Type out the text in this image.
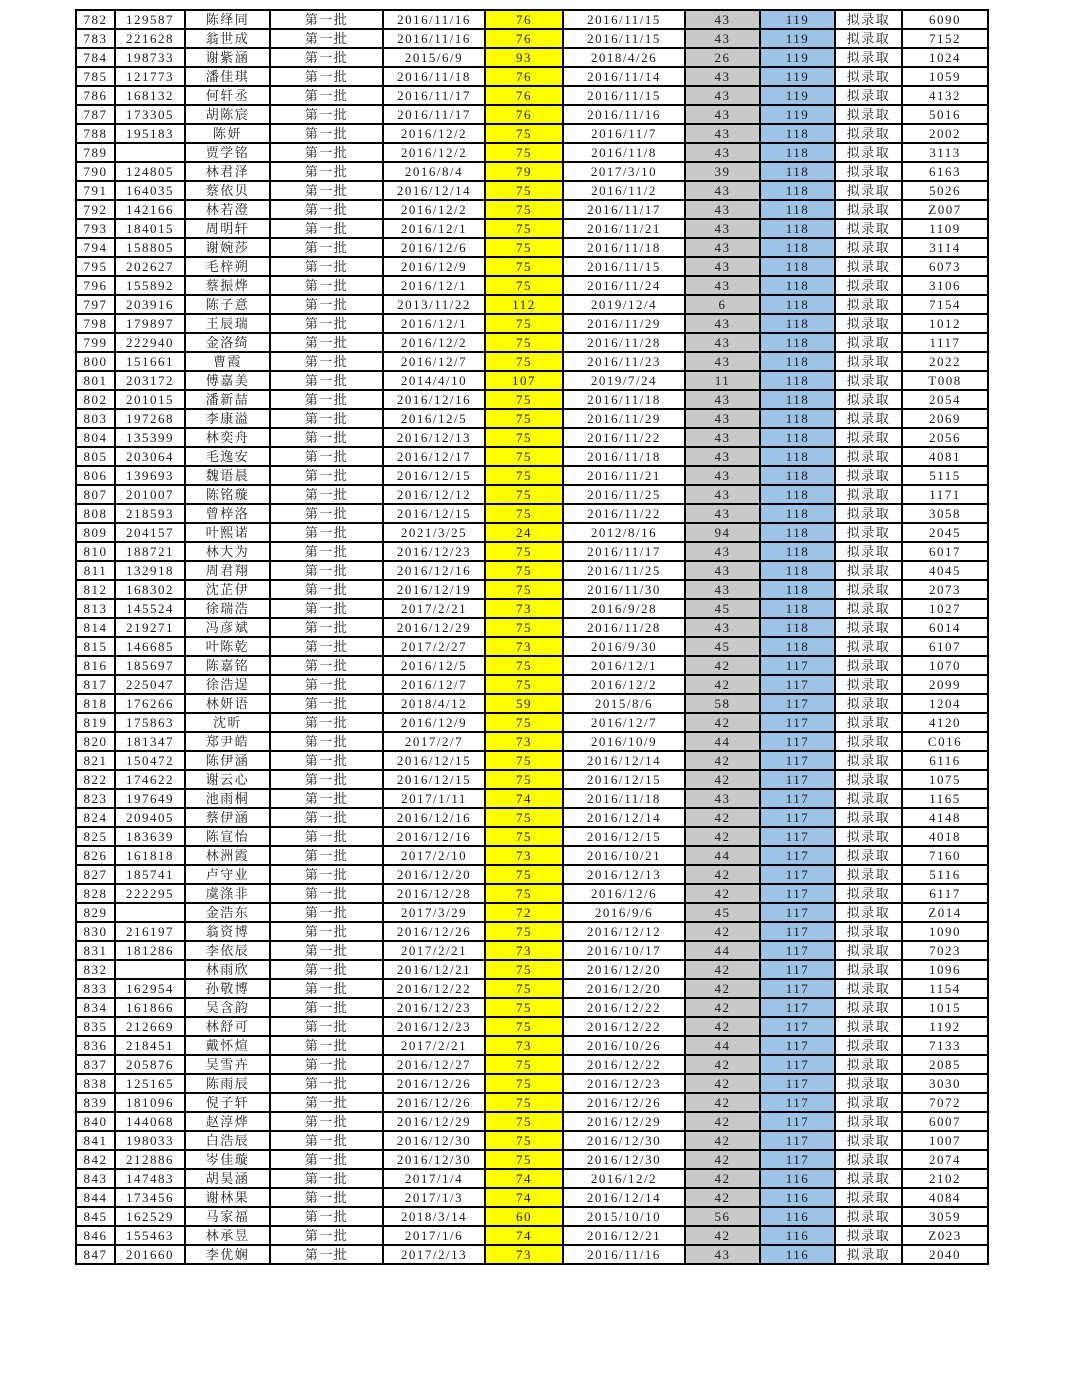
782	129587	陈绎同	第一批	2016/11/16	76	2016/11/15	43	119	拟录取	6090
783	221628	翁世成	第一批	2016/11/16	76	2016/11/15	43	119	拟录取	7152
784	198733	谢紫涵	第一批	2015/6/9	93	2018/4/26	26	119	拟录取	1024
785	121773	潘佳琪	第一批	2016/11/18	76	2016/11/14	43	119	拟录取	1059
786	168132	何轩丞	第一批	2016/11/17	76	2016/11/15	43	119	拟录取	4132
787	173305	胡陈宸	第一批	2016/11/17	76	2016/11/16	43	119	拟录取	5016
788	195183	陈妍	第一批	2016/12/2	75	2016/11/7	43	118	拟录取	2002
789		贾学铭	第一批	2016/12/2	75	2016/11/8	43	118	拟录取	3113
790	124805	林君泽	第一批	2016/8/4	79	2017/3/10	39	118	拟录取	6163
791	164035	蔡依贝	第一批	2016/12/14	75	2016/11/2	43	118	拟录取	5026
792	142166	林若澄	第一批	2016/12/2	75	2016/11/17	43	118	拟录取	Z007
793	184015	周明轩	第一批	2016/12/1	75	2016/11/21	43	118	拟录取	1109
794	158805	谢婉莎	第一批	2016/12/6	75	2016/11/18	43	118	拟录取	3114
795	202627	毛梓朔	第一批	2016/12/9	75	2016/11/15	43	118	拟录取	6073
796	155892	蔡振烨	第一批	2016/12/1	75	2016/11/24	43	118	拟录取	3106
797	203916	陈子意	第一批	2013/11/22	112	2019/12/4	6	118	拟录取	7154
798	179897	王辰瑞	第一批	2016/12/1	75	2016/11/29	43	118	拟录取	1012
799	222940	金洛绮	第一批	2016/12/2	75	2016/11/28	43	118	拟录取	1117
800	151661	曹霞	第一批	2016/12/7	75	2016/11/23	43	118	拟录取	2022
801	203172	傅嘉美	第一批	2014/4/10	107	2019/7/24	11	118	拟录取	T008
802	201015	潘新喆	第一批	2016/12/16	75	2016/11/18	43	118	拟录取	2054
803	197268	李康溢	第一批	2016/12/5	75	2016/11/29	43	118	拟录取	2069
804	135399	林奕舟	第一批	2016/12/13	75	2016/11/22	43	118	拟录取	2056
805	203064	毛逸安	第一批	2016/12/17	75	2016/11/18	43	118	拟录取	4081
806	139693	魏语晨	第一批	2016/12/15	75	2016/11/21	43	118	拟录取	5115
807	201007	陈铭璇	第一批	2016/12/12	75	2016/11/25	43	118	拟录取	1171
808	218593	曾梓洛	第一批	2016/12/15	75	2016/11/22	43	118	拟录取	3058
809	204157	叶熙诺	第一批	2021/3/25	24	2012/8/16	94	118	拟录取	2045
810	188721	林大为	第一批	2016/12/23	75	2016/11/17	43	118	拟录取	6017
811	132918	周君翔	第一批	2016/12/16	75	2016/11/25	43	118	拟录取	4045
812	168302	沈芷伊	第一批	2016/12/19	75	2016/11/30	43	118	拟录取	2073
813	145524	徐瑞浩	第一批	2017/2/21	73	2016/9/28	45	118	拟录取	1027
814	219271	冯彦斌	第一批	2016/12/29	75	2016/11/28	43	118	拟录取	6014
815	146685	叶陈乾	第一批	2017/2/27	73	2016/9/30	45	118	拟录取	6107
816	185697	陈嘉铭	第一批	2016/12/5	75	2016/12/1	42	117	拟录取	1070
817	225047	徐浩逞	第一批	2016/12/7	75	2016/12/2	42	117	拟录取	2099
818	176266	林妍语	第一批	2018/4/12	59	2015/8/6	58	117	拟录取	1204
819	175863	沈昕	第一批	2016/12/9	75	2016/12/7	42	117	拟录取	4120
820	181347	郑尹皓	第一批	2017/2/7	73	2016/10/9	44	117	拟录取	C016
821	150472	陈伊涵	第一批	2016/12/15	75	2016/12/14	42	117	拟录取	6116
822	174622	谢云心	第一批	2016/12/15	75	2016/12/15	42	117	拟录取	1075
823	197649	池雨桐	第一批	2017/1/11	74	2016/11/18	43	117	拟录取	1165
824	209405	蔡伊涵	第一批	2016/12/16	75	2016/12/14	42	117	拟录取	4148
825	183639	陈宣怡	第一批	2016/12/16	75	2016/12/15	42	117	拟录取	4018
826	161818	林洲霞	第一批	2017/2/10	73	2016/10/21	44	117	拟录取	7160
827	185741	卢守业	第一批	2016/12/20	75	2016/12/13	42	117	拟录取	5116
828	222295	虞涤非	第一批	2016/12/28	75	2016/12/6	42	117	拟录取	6117
829		金浩东	第一批	2017/3/29	72	2016/9/6	45	117	拟录取	Z014
830	216197	翁资博	第一批	2016/12/26	75	2016/12/12	42	117	拟录取	1090
831	181286	李依辰	第一批	2017/2/21	73	2016/10/17	44	117	拟录取	7023
832		林雨欣	第一批	2016/12/21	75	2016/12/20	42	117	拟录取	1096
833	162954	孙敬博	第一批	2016/12/22	75	2016/12/20	42	117	拟录取	1154
834	161866	吴含韵	第一批	2016/12/23	75	2016/12/22	42	117	拟录取	1015
835	212669	林舒可	第一批	2016/12/23	75	2016/12/22	42	117	拟录取	1192
836	218451	戴怀煊	第一批	2017/2/21	73	2016/10/26	44	117	拟录取	7133
837	205876	吴雪卉	第一批	2016/12/27	75	2016/12/22	42	117	拟录取	2085
838	125165	陈雨辰	第一批	2016/12/26	75	2016/12/23	42	117	拟录取	3030
839	181096	倪子轩	第一批	2016/12/26	75	2016/12/26	42	117	拟录取	7072
840	144068	赵淳烨	第一批	2016/12/29	75	2016/12/29	42	117	拟录取	6007
841	198033	白浩辰	第一批	2016/12/30	75	2016/12/30	42	117	拟录取	1007
842	212886	岑佳璇	第一批	2016/12/30	75	2016/12/30	42	117	拟录取	2074
843	147483	胡昊涵	第一批	2017/1/4	74	2016/12/2	42	116	拟录取	2102
844	173456	谢林果	第一批	2017/1/3	74	2016/12/14	42	116	拟录取	4084
845	162529	马家福	第一批	2018/3/14	60	2015/10/10	56	116	拟录取	3059
846	155463	林承昱	第一批	2017/1/6	74	2016/12/21	42	116	拟录取	Z023
847	201660	李优娴	第一批	2017/2/13	73	2016/11/16	43	116	拟录取	2040
